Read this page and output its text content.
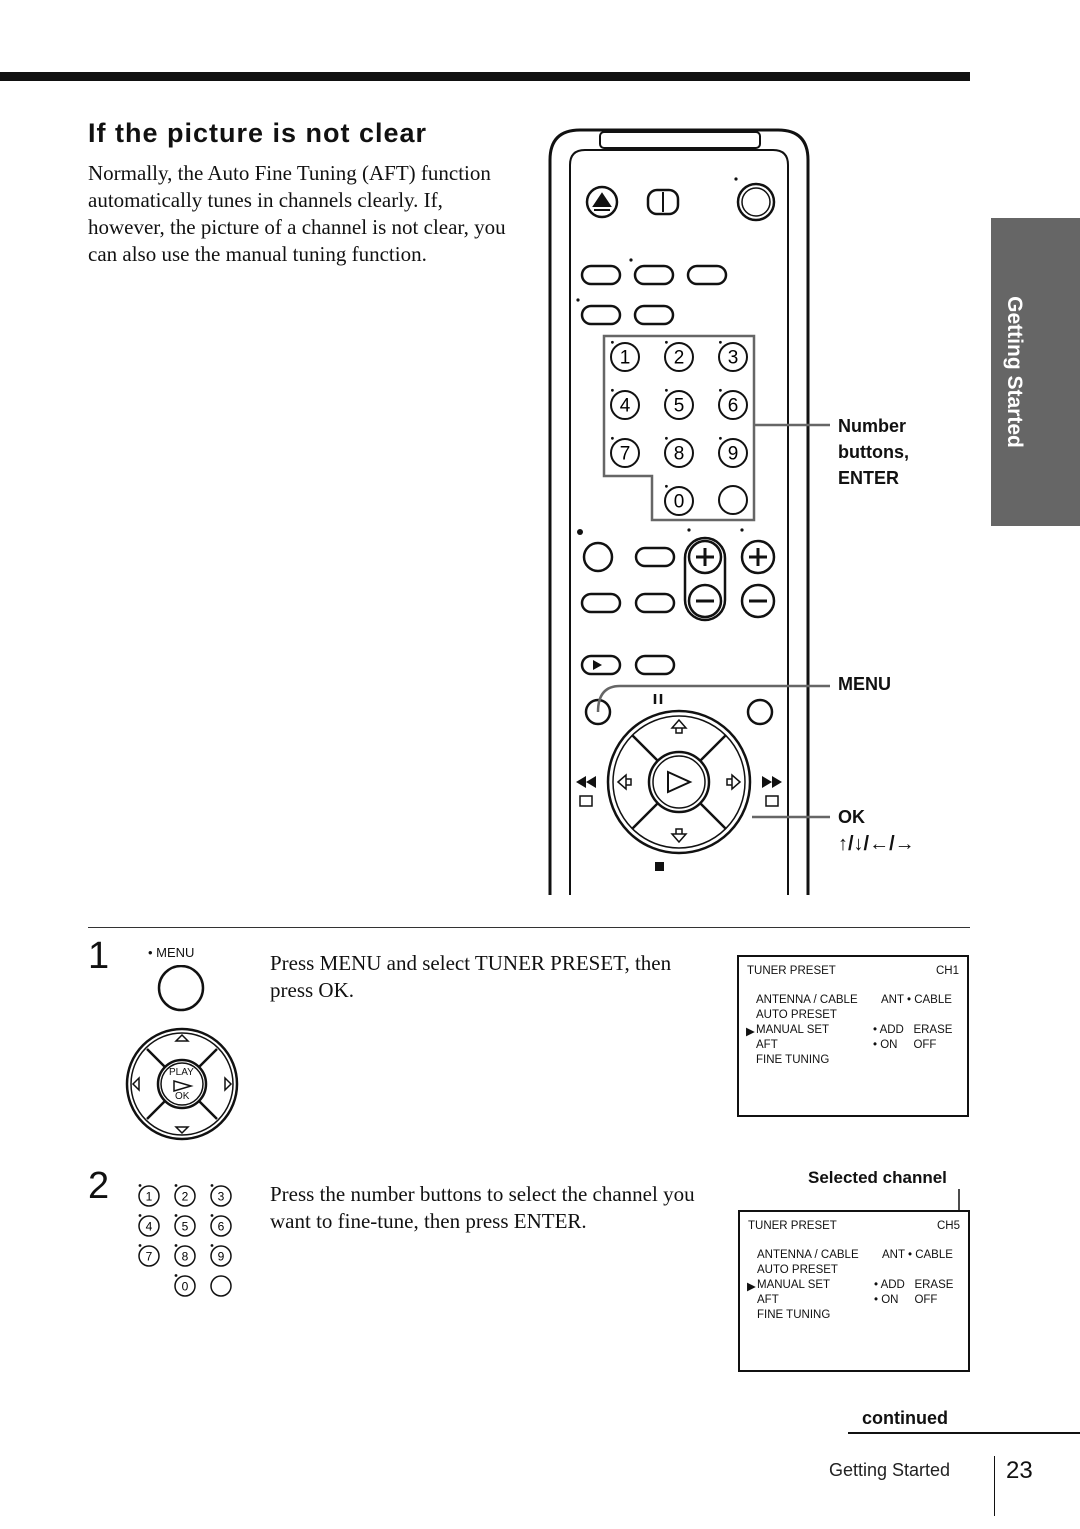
If the picture is not clear
Normally, the Auto Fine Tuning (AFT) function automatically tunes in channels clearly. If, however, the picture of a channel is not clear, you can also use the manual tuning function.
Getting Started
1 2 3
4 5 6
7 8 9
0
Number
buttons,
ENTER
MENU
OK
↑/↓/←/→
1	• MENU
PLAY
OK
Press MENU and select TUNER PRESET, then press OK.
TUNER PRESET	CH1
ANTENNA / CABLE ANT • CABLE
AUTO PRESET
▶ MANUAL SET	• ADD   ERASE
AFT	• ON     OFF
FINE TUNING
2	1 2 3
4 5 6
7 8 9
0
Press the number buttons to select the channel you want to fine-tune, then press ENTER.
Selected channel
TUNER PRESET	CH5
ANTENNA / CABLE ANT • CABLE
AUTO PRESET
▶ MANUAL SET	• ADD   ERASE
AFT	• ON     OFF
FINE TUNING
continued
Getting Started 23
